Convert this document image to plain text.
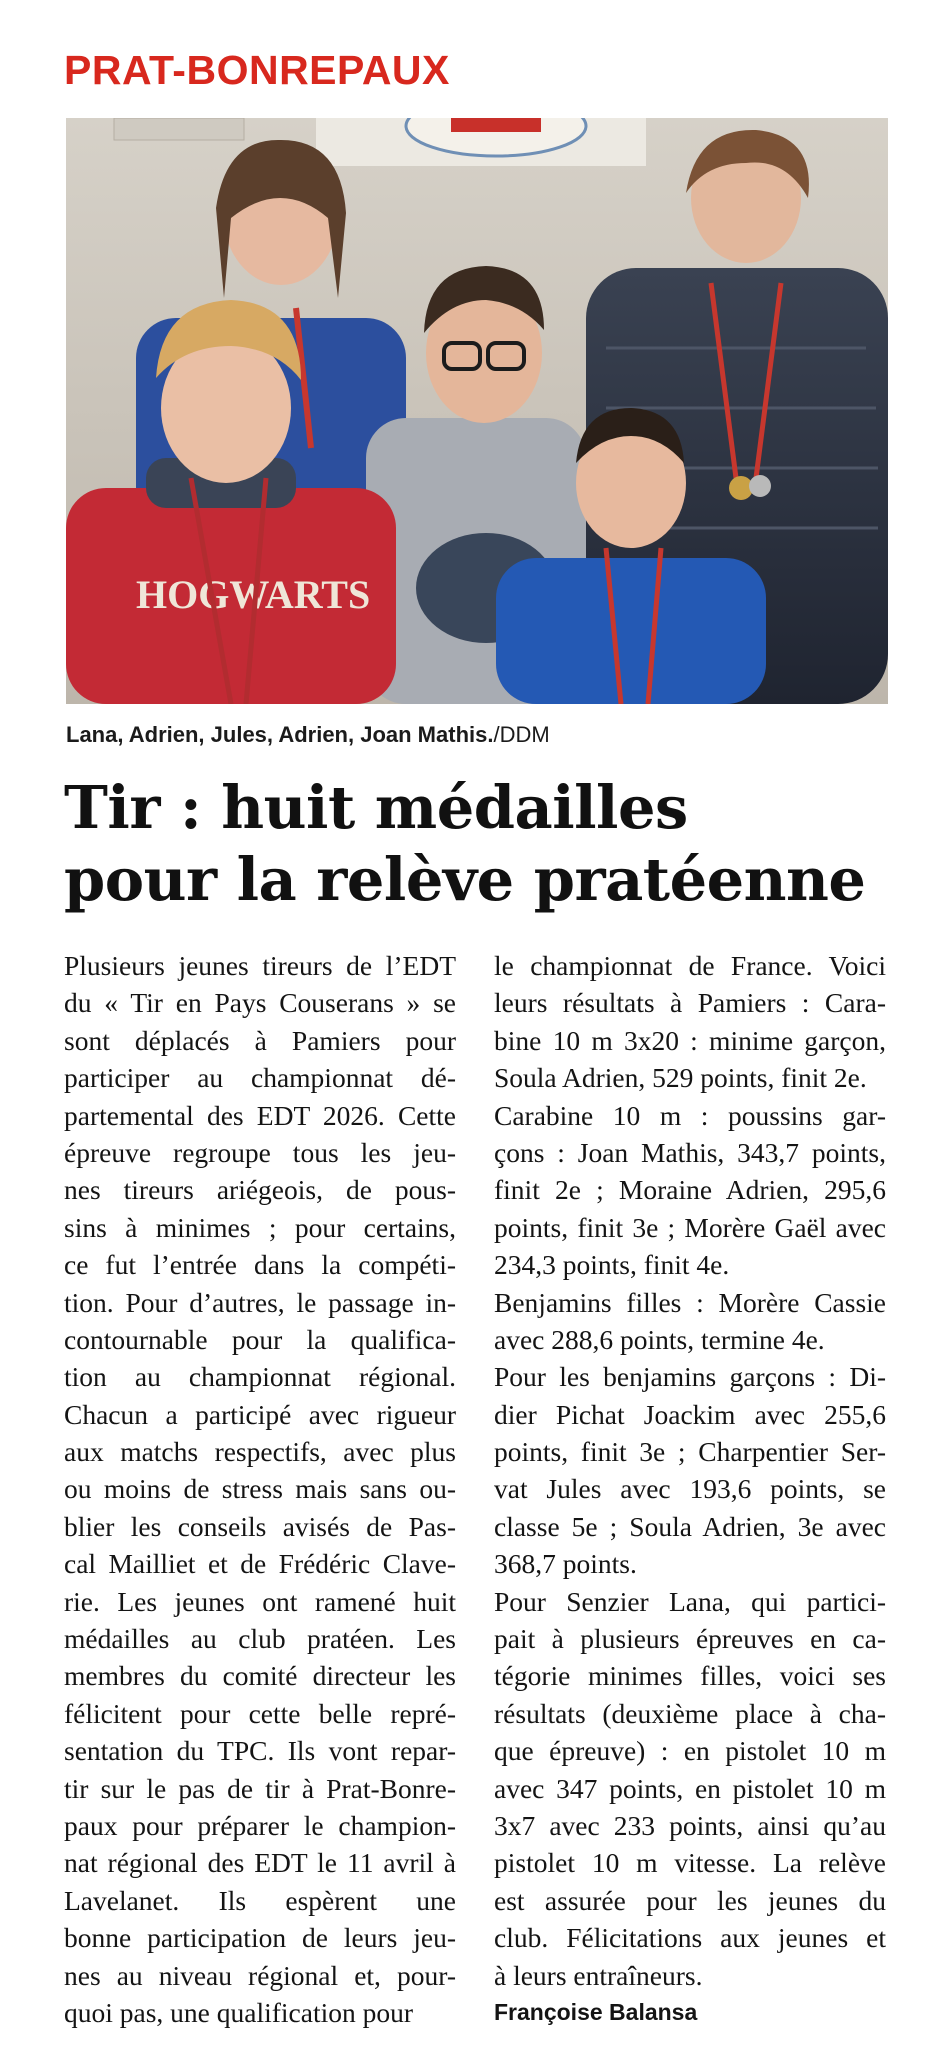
PRAT-BONREPAUX
HOGWARTS
Lana, Adrien, Jules, Adrien, Joan Mathis./DDM
Tir : huit médailles
pour la relève pratéenne
Plusieurs jeunes tireurs de l’EDT
du « Tir en Pays Couserans » se
sont déplacés à Pamiers pour
participer au championnat dé-
partemental des EDT 2026. Cette
épreuve regroupe tous les jeu-
nes tireurs ariégeois, de pous-
sins à minimes ; pour certains,
ce fut l’entrée dans la compéti-
tion. Pour d’autres, le passage in-
contournable pour la qualifica-
tion au championnat régional.
Chacun a participé avec rigueur
aux matchs respectifs, avec plus
ou moins de stress mais sans ou-
blier les conseils avisés de Pas-
cal Mailliet et de Frédéric Clave-
rie. Les jeunes ont ramené huit
médailles au club pratéen. Les
membres du comité directeur les
félicitent pour cette belle repré-
sentation du TPC. Ils vont repar-
tir sur le pas de tir à Prat-Bonre-
paux pour préparer le champion-
nat régional des EDT le 11 avril à
Lavelanet. Ils espèrent une
bonne participation de leurs jeu-
nes au niveau régional et, pour-
quoi pas, une qualification pour
le championnat de France. Voici
leurs résultats à Pamiers : Cara-
bine 10 m 3x20 : minime garçon,
Soula Adrien, 529 points, finit 2e.
Carabine 10 m : poussins gar-
çons : Joan Mathis, 343,7 points,
finit 2e ; Moraine Adrien, 295,6
points, finit 3e ; Morère Gaël avec
234,3 points, finit 4e.
Benjamins filles : Morère Cassie
avec 288,6 points, termine 4e.
Pour les benjamins garçons : Di-
dier Pichat Joackim avec 255,6
points, finit 3e ; Charpentier Ser-
vat Jules avec 193,6 points, se
classe 5e ; Soula Adrien, 3e avec
368,7 points.
Pour Senzier Lana, qui partici-
pait à plusieurs épreuves en ca-
tégorie minimes filles, voici ses
résultats (deuxième place à cha-
que épreuve) : en pistolet 10 m
avec 347 points, en pistolet 10 m
3x7 avec 233 points, ainsi qu’au
pistolet 10 m vitesse. La relève
est assurée pour les jeunes du
club. Félicitations aux jeunes et
à leurs entraîneurs.
Françoise Balansa
